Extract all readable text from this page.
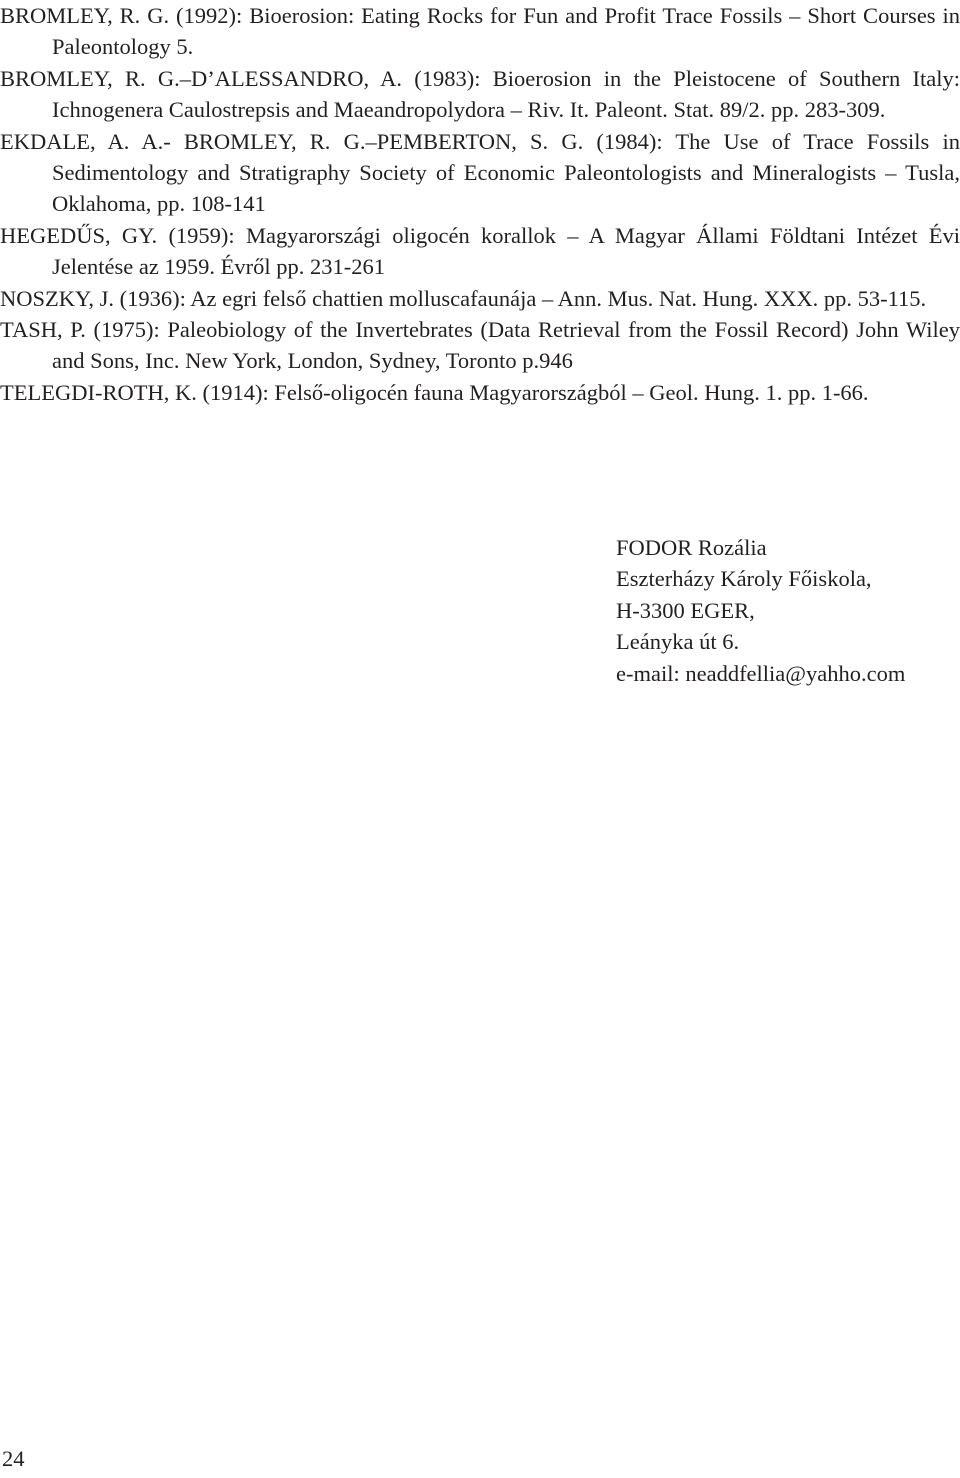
BROMLEY, R. G. (1992): Bioerosion: Eating Rocks for Fun and Profit Trace Fossils – Short Courses in Paleontology 5.

BROMLEY, R. G.–D’ALESSANDRO, A. (1983): Bioerosion in the Pleistocene of Southern Italy: Ichnogenera Caulostrepsis and Maeandropolydora – Riv. It. Paleont. Stat. 89/2. pp. 283-309.

EKDALE, A. A.- BROMLEY, R. G.–PEMBERTON, S. G. (1984): The Use of Trace Fossils in Sedimentology and Stratigraphy Society of Economic Paleontologists and Mineralogists – Tusla, Oklahoma, pp. 108-141

HEGEDŰS, GY. (1959): Magyarországi oligocén korallok – A Magyar Állami Földtani Intézet Évi Jelentése az 1959. Évről pp. 231-261

NOSZKY, J. (1936): Az egri felső chattien molluscafaunája – Ann. Mus. Nat. Hung. XXX. pp. 53-115.

TASH, P. (1975): Paleobiology of the Invertebrates (Data Retrieval from the Fossil Record) John Wiley and Sons, Inc. New York, London, Sydney, Toronto p.946

TELEGDI-ROTH, K. (1914): Felső-oligocén fauna Magyarországból – Geol. Hung. 1. pp. 1-66.

FODOR Rozália
Eszterházy Károly Főiskola,
H-3300 EGER,
Leányka út 6.
e-mail: neaddfellia@yahho.com
24
